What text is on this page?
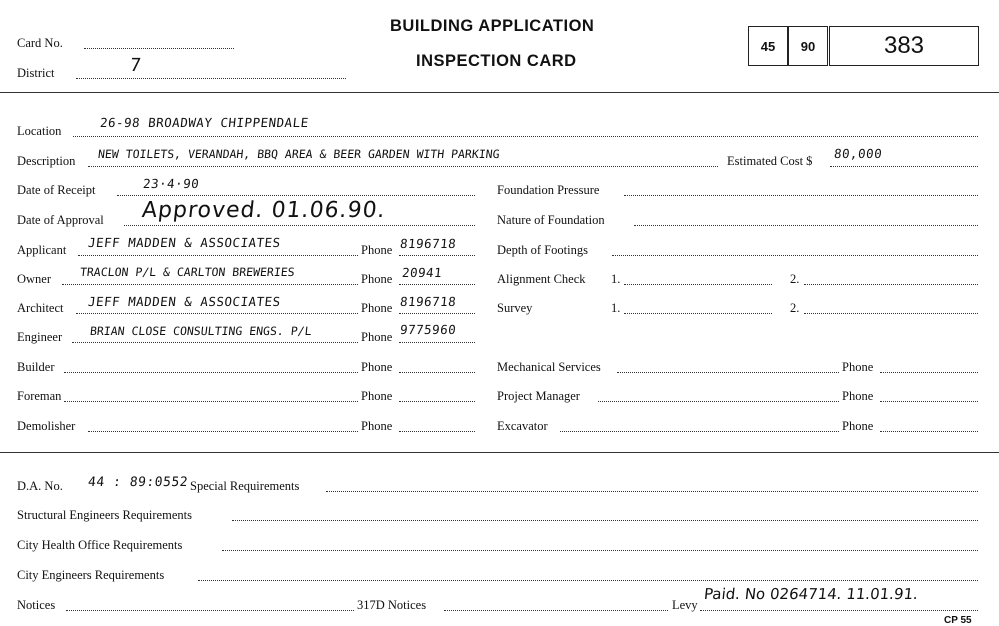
Card No.
District	7
BUILDING APPLICATION
INSPECTION CARD
45	90	383
Location
26-98 BROADWAY CHIPPENDALE
Description NEW TOILETS, VERANDAH, BBQ AREA & BEER GARDEN WITH PARKING	Estimated Cost $ 80,000
Date of Receipt	23·4·90
Date of Approval Approved. 01.06.90.
Applicant JEFF MADDEN & ASSOCIATES	Phone 8196718
Owner TRACLON P/L & CARLTON BREWERIES	Phone 20941
Architect JEFF MADDEN & ASSOCIATES	Phone 8196718
Engineer BRIAN CLOSE CONSULTING ENGS. P/L	Phone 9775960
Builder	Phone
Foreman	Phone
Demolisher	Phone
Foundation Pressure
Nature of Foundation
Depth of Footings
Alignment Check 1.	2.
Survey	1.	2.
Mechanical Services	Phone
Project Manager	Phone
Excavator	Phone
D.A. No. 44 : 89:0552 Special Requirements
Structural Engineers Requirements
City Health Office Requirements
City Engineers Requirements
Notices	317D Notices	Levy
Paid. No 0264714. 11.01.91.
CP 55
